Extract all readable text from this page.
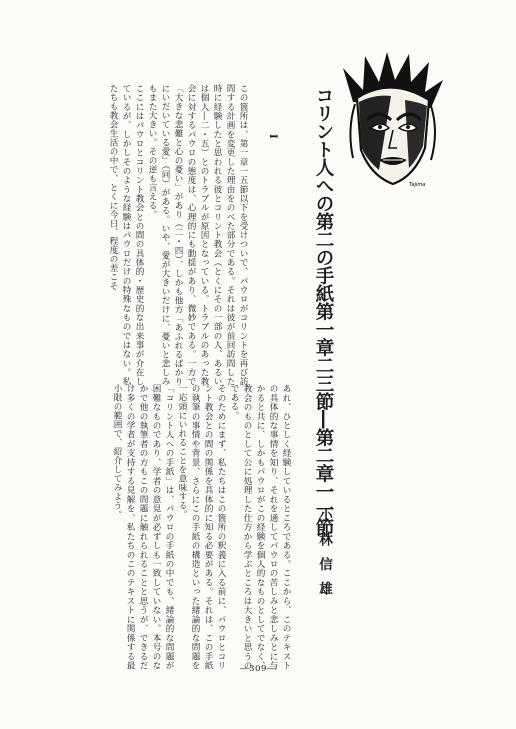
コリント人への第二の手紙第一章二三節―第二章一一節
小林信雄
I

この箇所は、第一章一五節以下を受けついで、パウロがコリントを再び訪問する計画を変更した理由をのべた部分である。それは彼が前回訪問した時に経験したと思われる彼とコリント教会（とくにその一部の人、あるいは個人―二・五）とのトラブルが原因となっている。トラブルのあった教会に対するパウロの態度は、心理的にも動揺があり、微妙である。一方で「大きな悲難と心の憂い」があり（二・四）、しかも他方「あふれるばかりにいだいている愛」（同）がある。いや、愛が大きいだけに、憂いと悲しみもまた大きい。その逆も言える。

ここにはパウロとコリント教会との間の具体的・歴史的な出来事が介在しているが、しかしそのような経験はパウロだけの特殊なものではない。私たちも教会生活の中で、とくに今日、程度の差こそ

あれ、ひとしく経験しているところである。ここから、このテキストの具体的な事情を知り、それを通してパウロの苦しみと悲しみとに与かると共に、しかもパウロがこの経験を個人的なものとしてでなく、教会のものとして公に処理した仕方から学ぶところは大きいと思うのである。

そのためにまず、私たちはこの箇所の釈義に入る前に、パウロとコリント教会との間の関係を具体的に知る必要がある。それは、この手紙の執筆の事情や背景、さらにこの手紙の構造といった緒論的な問題を一応頭にいれることを意味する。

「コリント人への手紙」は、パウロの手紙の中でも、緒論的な問題が困難なものであり、学者の意見が必ずしも一致していない。本号のなかで他の執筆者の方もこの問題に触れられることと思うが、できるだけ多くの学者が支持する見解を、私たちのこのテキストに関係する最小限の範囲で、紹介してみよう。

Tajima
―309―
